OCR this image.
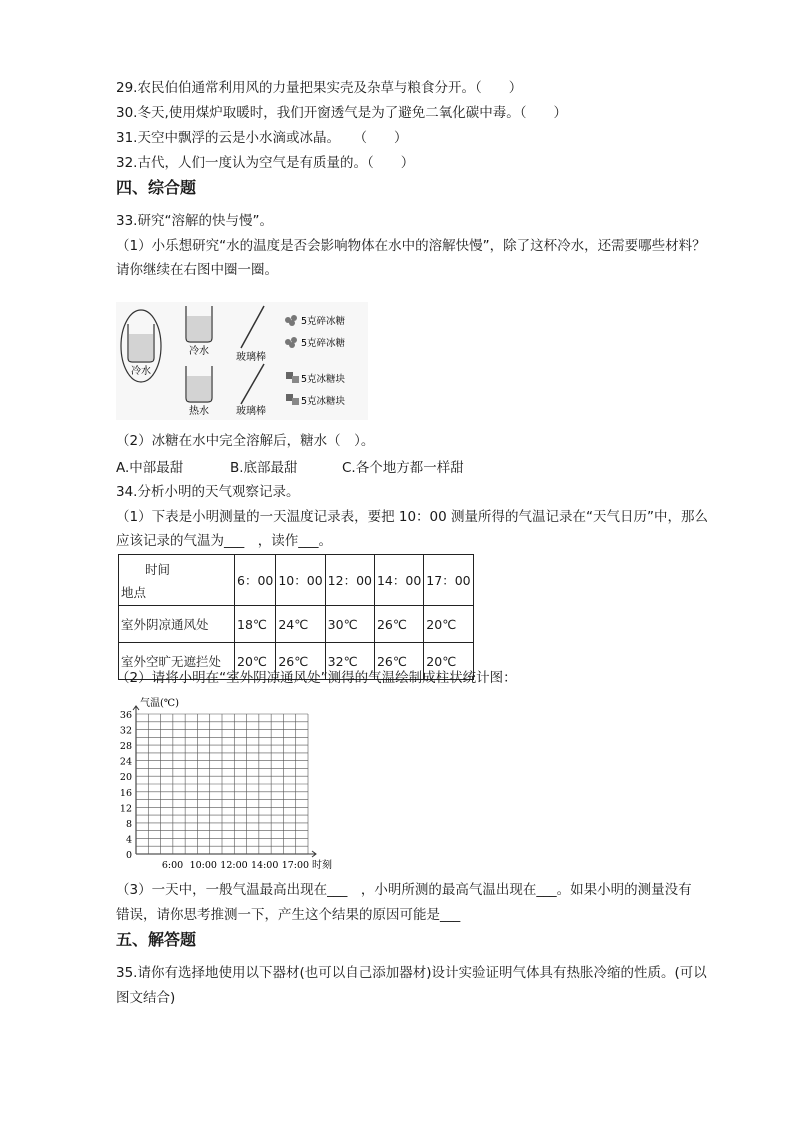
29.农民伯伯通常利用风的力量把果实壳及杂草与粮食分开。（　　）
30.冬天,使用煤炉取暖时，我们开窗透气是为了避免二氧化碳中毒。（　　）
31.天空中飘浮的云是小水滴或冰晶。　　（　　）
32.古代，人们一度认为空气是有质量的。（　　）
四、综合题
33.研究“溶解的快与慢”。
（1）小乐想研究“水的温度是否会影响物体在水中的溶解快慢”，除了这杯冷水，还需要哪些材料？
请你继续在右图中圈一圈。
冷水
冷水
热水
玻璃棒
玻璃棒
5克碎冰糖
5克碎冰糖
5克冰糖块
5克冰糖块
（2）冰糖在水中完全溶解后，糖水（　）。
A.中部最甜	B.底部最甜	C.各个地方都一样甜
34.分析小明的天气观察记录。
（1）下表是小明测量的一天温度记录表，要把 10：00 测量所得的气温记录在“天气日历”中，那么
应该记录的气温为___　，读作___。
时间
地点	6：00	10：00	12：00	14：00	17：00
室外阴凉通风处	18℃	24℃	30℃	26℃	20℃
室外空旷无遮拦处	20℃	26℃	32℃	26℃	20℃
（2）请将小明在“室外阴凉通风处”测得的气温绘制成柱状统计图：
气温(℃)
36
32
28
24
20
16
12
8
4
0
6:00 10:00 12:00 14:00 17:00 时刻
（3）一天中，一般气温最高出现在___　，小明所测的最高气温出现在___。如果小明的测量没有
错误，请你思考推测一下，产生这个结果的原因可能是___
五、解答题
35.请你有选择地使用以下器材(也可以自己添加器材)设计实验证明气体具有热胀冷缩的性质。(可以
图文结合)
